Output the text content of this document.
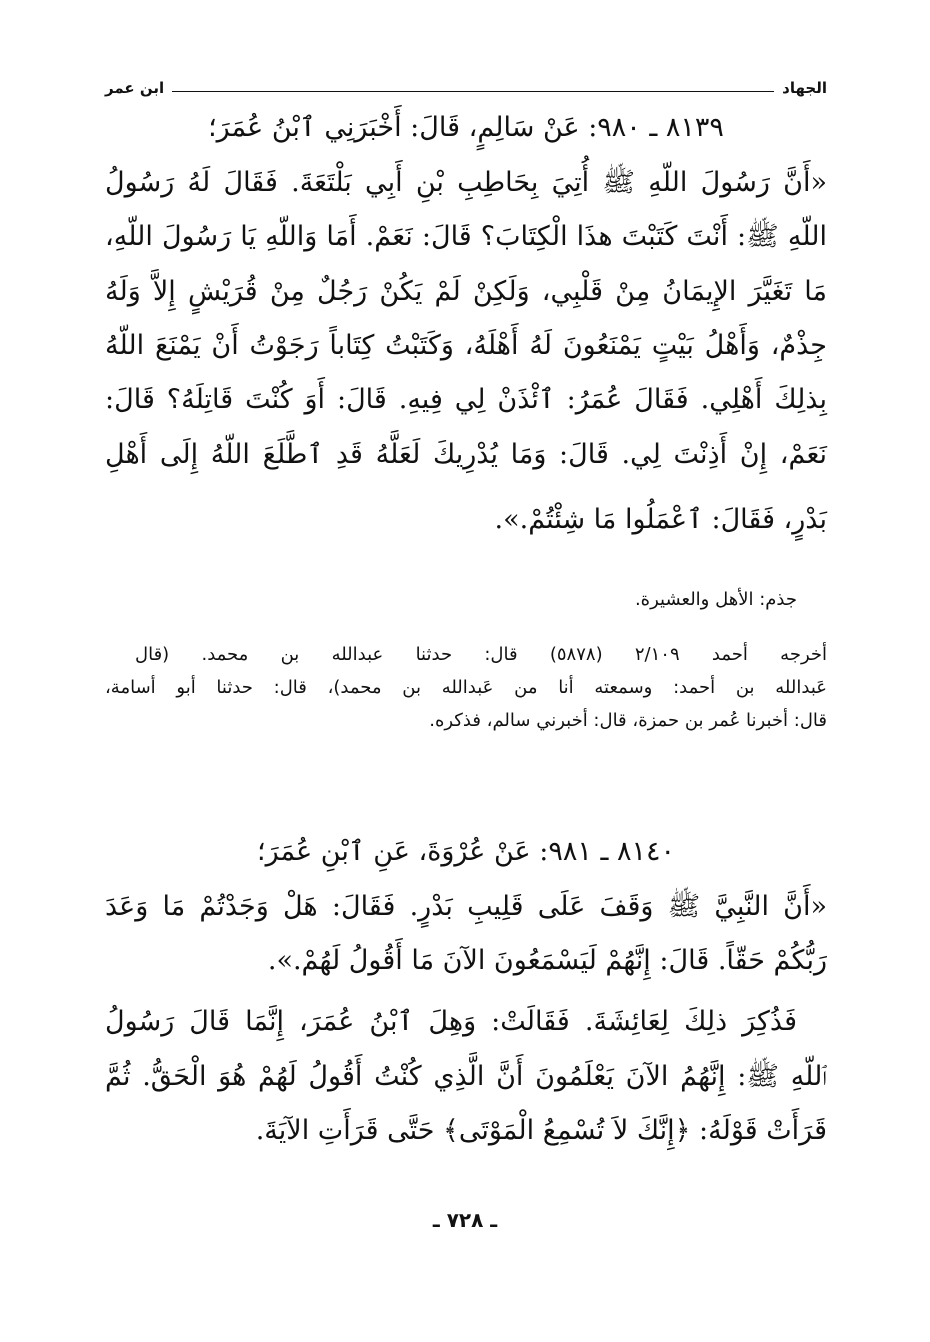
الجهاد
ابن عمر
٨١٣٩ ـ ٩٨٠: عَنْ سَالِمٍ، قَالَ: أَخْبَرَنِي ٱبْنُ عُمَرَ؛
«أَنَّ رَسُولَ اللّهِ ﷺ أُتِيَ بِحَاطِبِ بْنِ أَبِي بَلْتَعَةَ. فَقَالَ لَهُ رَسُولُ
اللّهِ ﷺ: أَنْتَ كَتَبْتَ هذَا الْكِتَابَ؟ قَالَ: نَعَمْ. أَمَا وَاللّهِ يَا رَسُولَ اللّهِ،
مَا تَغَيَّرَ الإِيمَانُ مِنْ قَلْبِي، وَلَكِنْ لَمْ يَكُنْ رَجُلٌ مِنْ قُرَيْشٍ إِلاَّ وَلَهُ
جِذْمٌ، وَأَهْلُ بَيْتٍ يَمْنَعُونَ لَهُ أَهْلَهُ، وَكَتَبْتُ كِتَاباً رَجَوْتُ أَنْ يَمْنَعَ اللّهُ
بِذلِكَ أَهْلِي. فَقَالَ عُمَرُ: ٱئْذَنْ لِي فِيهِ. قَالَ: أَوَ كُنْتَ قَاتِلَهُ؟ قَالَ:
نَعَمْ، إِنْ أَذِنْتَ لِي. قَالَ: وَمَا يُدْرِيكَ لَعَلَّهُ قَدِ ٱطَّلَعَ اللّهُ إِلَى أَهْلِ
بَدْرٍ، فَقَالَ: ٱعْمَلُوا مَا شِئْتُمْ.».
جذم: الأهل والعشيرة.
أخرجه أحمد ٢/١٠٩ (٥٨٧٨) قال: حدثنا عبدالله بن محمد. (قال
عَبدالله بن أحمد: وسمعته أنا من عَبدالله بن محمد)، قال: حدثنا أبو أسامة،
قال: أخبرنا عُمر بن حمزة، قال: أخبرني سالم، فذكره.
٨١٤٠ ـ ٩٨١: عَنْ عُرْوَةَ، عَنِ ٱبْنِ عُمَرَ؛
«أَنَّ النَّبِيَّ ﷺ وَقَفَ عَلَى قَلِيبِ بَدْرٍ. فَقَالَ: هَلْ وَجَدْتُمْ مَا وَعَدَ
رَبُّكُمْ حَقّاً. قَالَ: إِنَّهُمْ لَيَسْمَعُونَ الآنَ مَا أَقُولُ لَهُمْ.».
فَذُكِرَ ذلِكَ لِعَائِشَةَ. فَقَالَتْ: وَهِلَ ٱبْنُ عُمَرَ، إِنَّمَا قَالَ رَسُولُ
ٱللّهِ ﷺ: إِنَّهُمُ الآنَ يَعْلَمُونَ أَنَّ الَّذِي كُنْتُ أَقُولُ لَهُمْ هُوَ الْحَقُّ. ثُمَّ
قَرَأَتْ قَوْلَهُ: ﴿إِنَّكَ لاَ تُسْمِعُ الْمَوْتَى﴾ حَتَّى قَرَأَتِ الآيَةَ.
ـ ٧٢٨ ـ
